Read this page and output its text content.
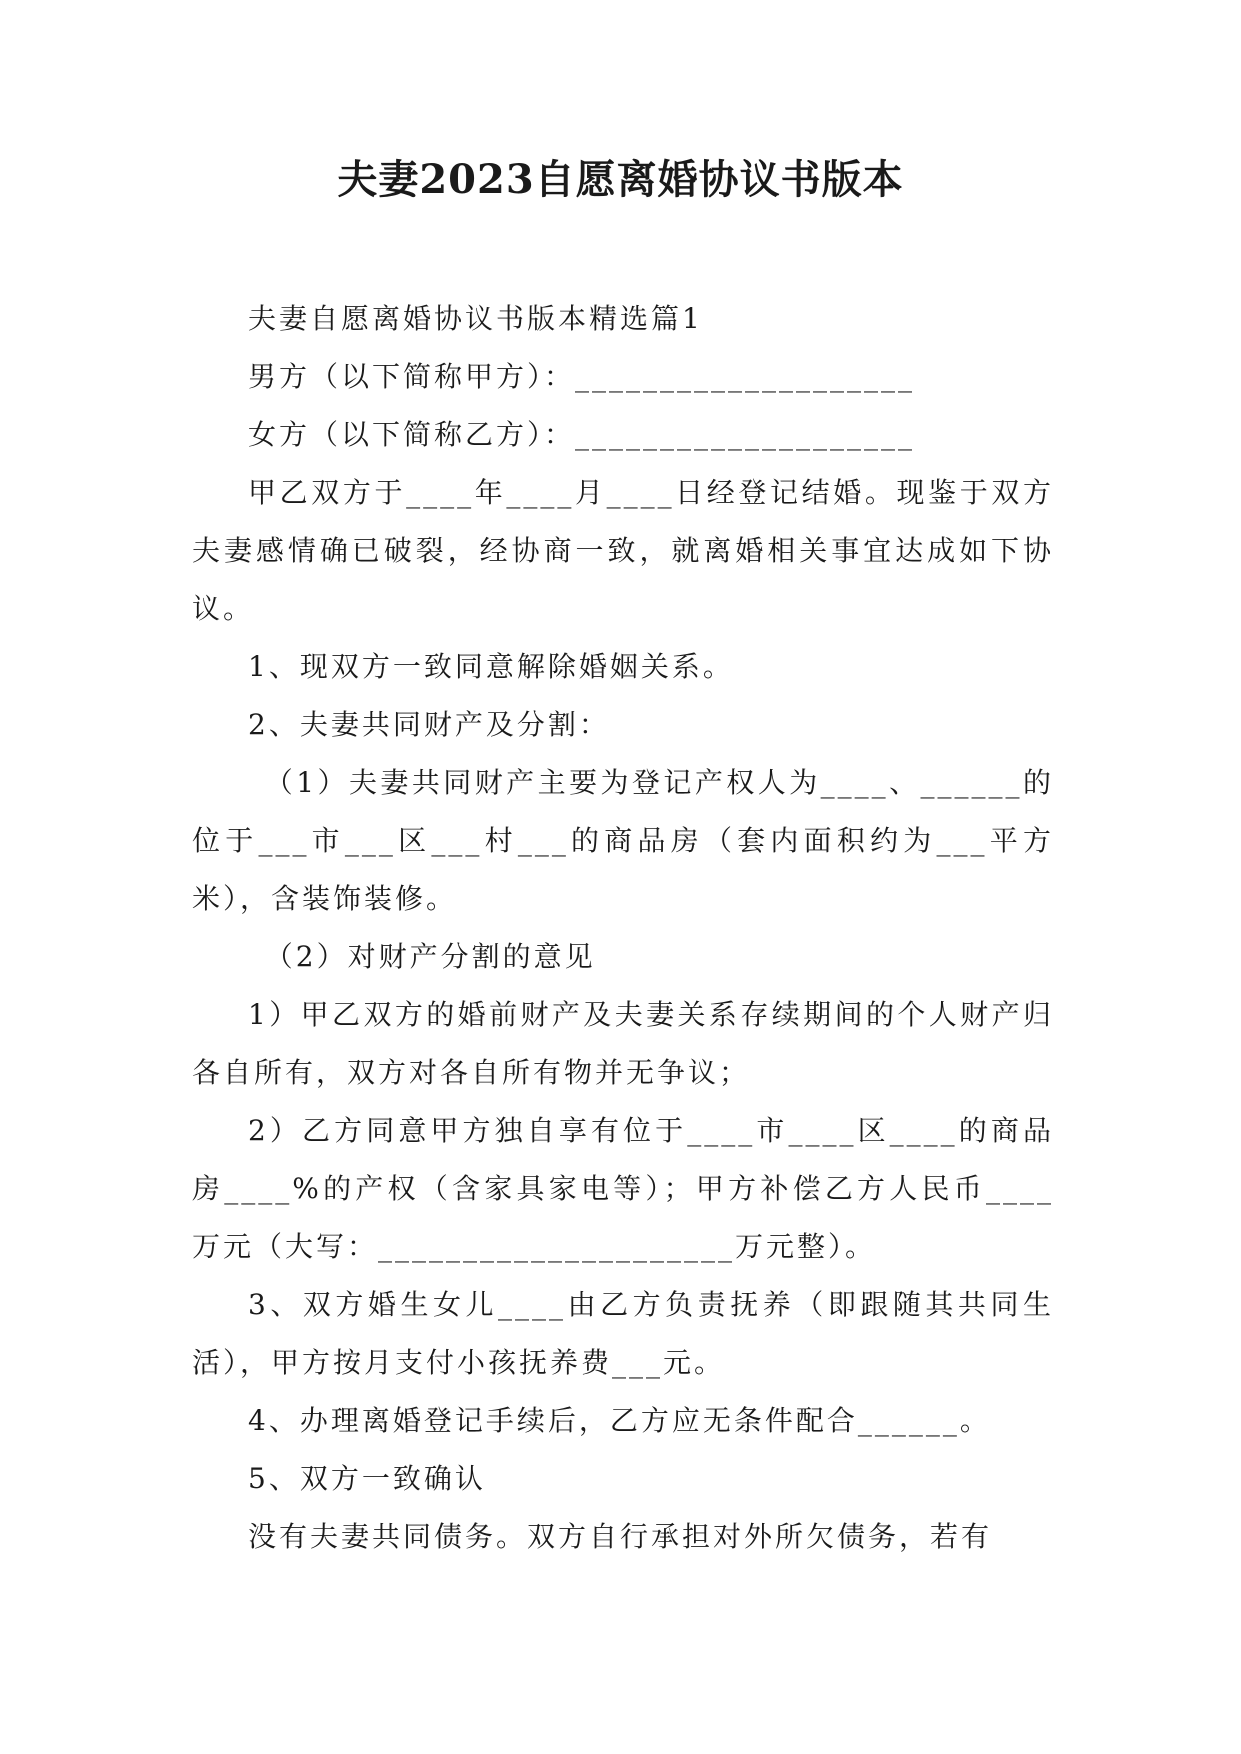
夫妻2023自愿离婚协议书版本

夫妻自愿离婚协议书版本精选篇1

男方（以下简称甲方）：____________________

女方（以下简称乙方）：____________________

甲乙双方于____年____月____日经登记结婚。现鉴于双方夫妻感情确已破裂，经协商一致，就离婚相关事宜达成如下协议。

1、现双方一致同意解除婚姻关系。

2、夫妻共同财产及分割：

（1）夫妻共同财产主要为登记产权人为____、______的位于___市___区___村___的商品房（套内面积约为___平方米），含装饰装修。

（2）对财产分割的意见

1）甲乙双方的婚前财产及夫妻关系存续期间的个人财产归各自所有，双方对各自所有物并无争议；

2）乙方同意甲方独自享有位于____市____区____的商品房____%的产权（含家具家电等）；甲方补偿乙方人民币____万元（大写：_____________________万元整）。

3、双方婚生女儿____由乙方负责抚养（即跟随其共同生活），甲方按月支付小孩抚养费___元。

4、办理离婚登记手续后，乙方应无条件配合______。

5、双方一致确认

没有夫妻共同债务。双方自行承担对外所欠债务，若有
